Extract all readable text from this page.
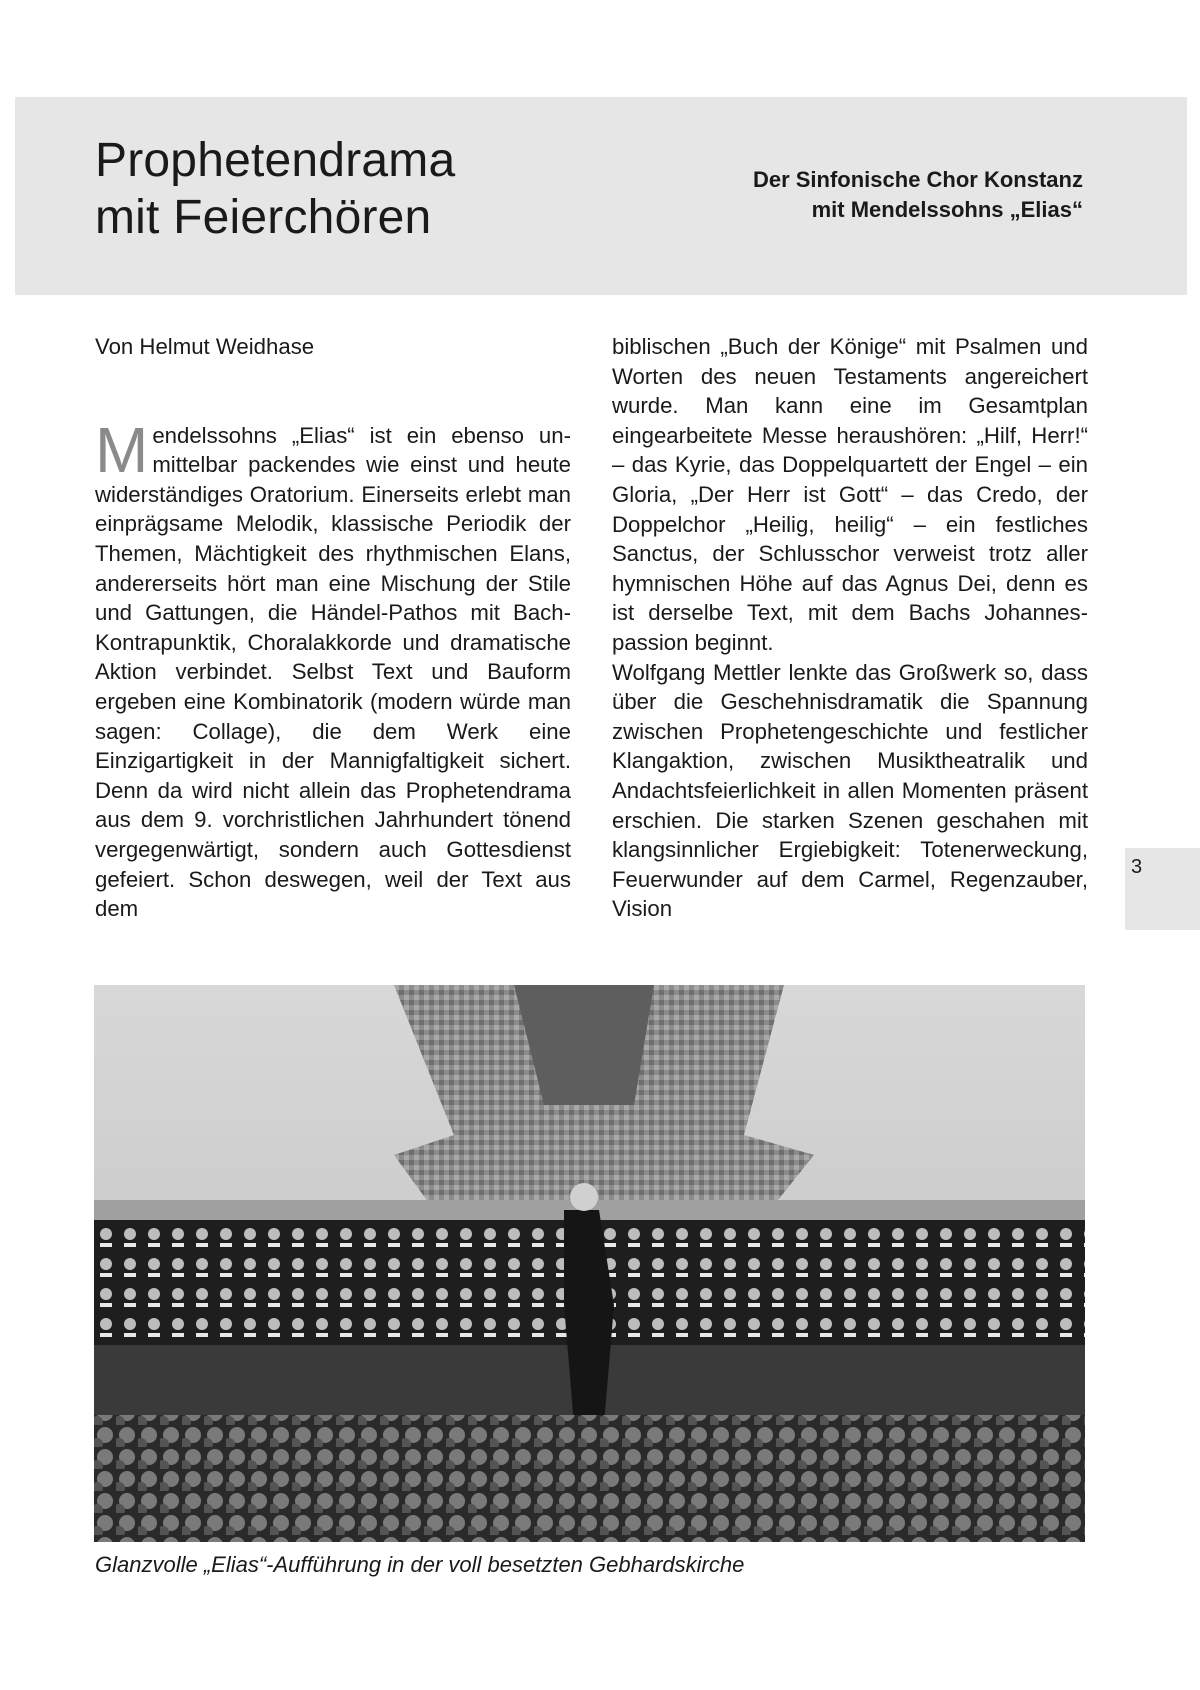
Prophetendrama
mit Feierchören
Der Sinfonische Chor Konstanz
mit Mendelssohns „Elias“

Von Helmut Weidhase

Mendelssohns „Elias“ ist ein ebenso unmittelbar packendes wie einst und heute widerständiges Oratorium. Einerseits erlebt man einprägsame Melodik, klassische Periodik der Themen, Mächtigkeit des rhythmischen Elans, andererseits hört man eine Mischung der Stile und Gattungen, die Händel-Pathos mit Bach-Kontrapunktik, Choralakkorde und dramatische Aktion verbindet. Selbst Text und Bauform ergeben eine Kombinatorik (modern würde man sagen: Collage), die dem Werk eine Einzigartigkeit in der Mannigfaltigkeit sichert. Denn da wird nicht allein das Prophetendrama aus dem 9. vorchristlichen Jahrhundert tönend vergegenwärtigt, sondern auch Gottesdienst gefeiert. Schon deswegen, weil der Text aus dem

biblischen „Buch der Könige“ mit Psalmen und Worten des neuen Testaments angereichert wurde. Man kann eine im Gesamtplan eingearbeitete Messe heraushören: „Hilf, Herr!“ – das Kyrie, das Doppelquartett der Engel – ein Gloria, „Der Herr ist Gott“ – das Credo, der Doppelchor „Heilig, heilig“ – ein festliches Sanctus, der Schlusschor verweist trotz aller hymnischen Höhe auf das Agnus Dei, denn es ist derselbe Text, mit dem Bachs Johannespassion beginnt.

Wolfgang Mettler lenkte das Großwerk so, dass über die Geschehnisdramatik die Spannung zwischen Prophetengeschichte und festlicher Klangaktion, zwischen Musiktheatralik und Andachtsfeierlichkeit in allen Momenten präsent erschien. Die starken Szenen geschahen mit klangsinnlicher Ergiebigkeit: Totenerweckung, Feuerwunder auf dem Carmel, Regenzauber, Vision

3
Glanzvolle „Elias“-Aufführung in der voll besetzten Gebhardskirche
